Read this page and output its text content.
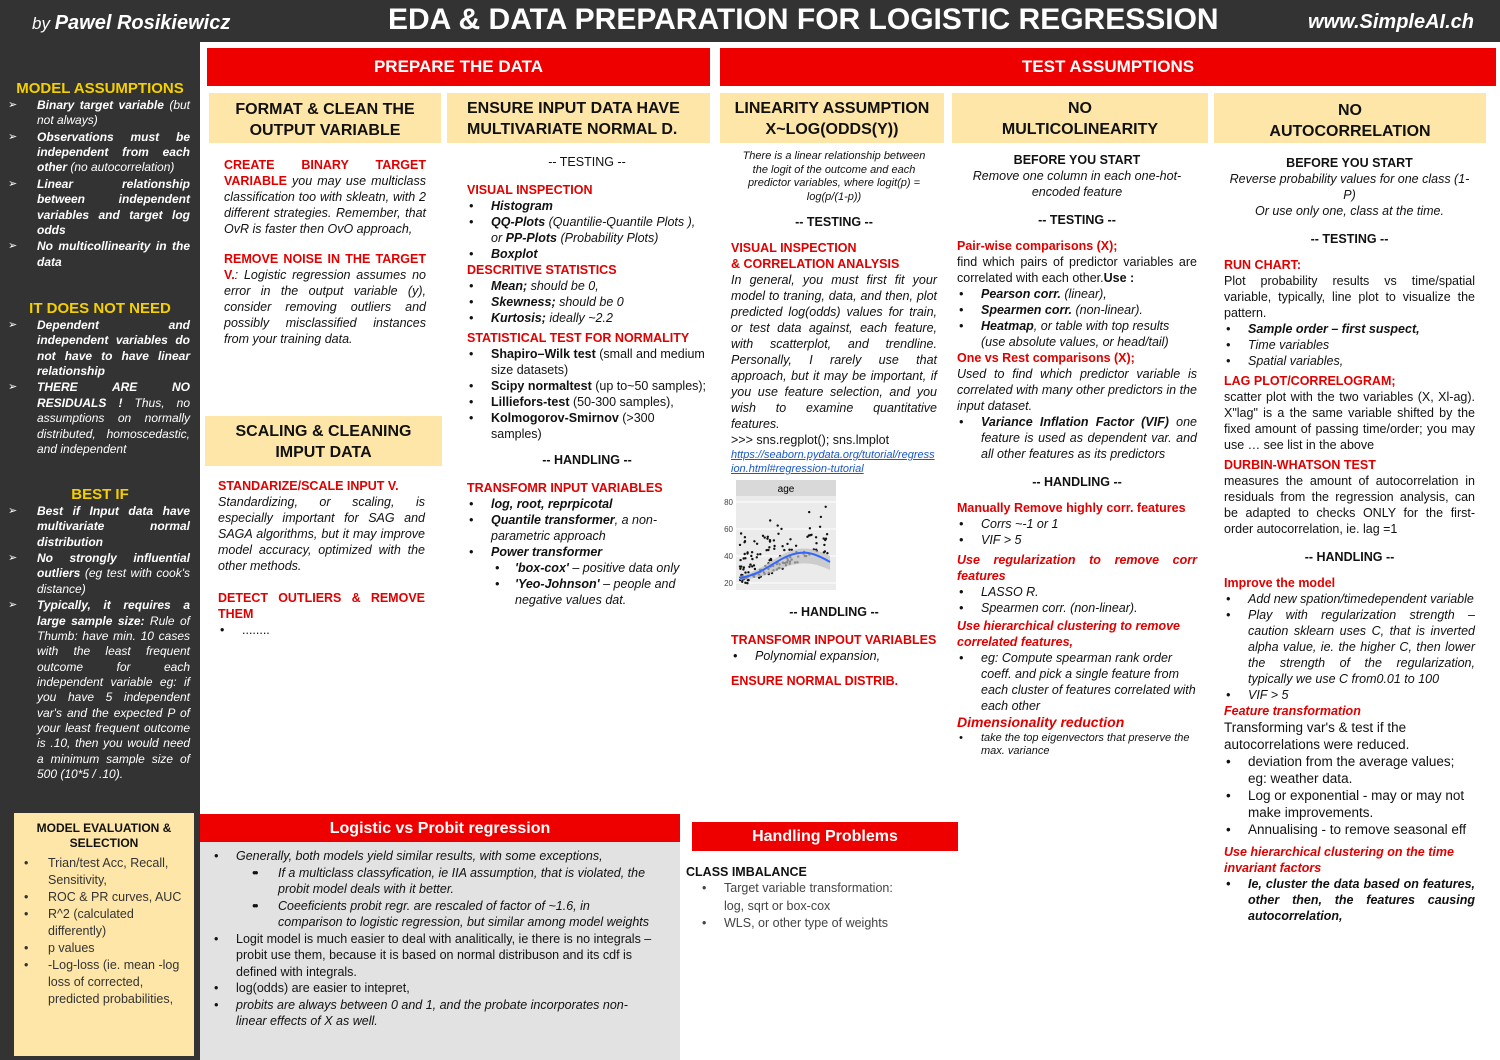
by Pawel Rosikiewicz	EDA & DATA PREPARATION FOR LOGISTIC REGRESSION	www.SimpleAI.ch
MODEL ASSUMPTIONS
➢ Binary target variable (but not always)
➢ Observations must be independent from each other (no autocorrelation)
➢ Linear relationship between independent variables and target log odds
➢ No multicollinearity in the data
IT DOES NOT NEED
➢ Dependent and independent variables do not have to have linear relationship
➢ THERE ARE NO RESIDUALS ! Thus, no assumptions on normally distributed, homoscedastic, and independent
BEST IF
➢ Best if Input data have multivariate normal distribution
➢ No strongly influential outliers (eg test with cook's distance)
➢ Typically, it requires a large sample size: Rule of Thumb: have min. 10 cases with the least frequent outcome for each independent variable eg: if you have 5 independent var's and the expected P of your least frequent outcome is .10, then you would need a minimum sample size of 500 (10*5 / .10).
MODEL EVALUATION & SELECTION
• Trian/test Acc, Recall, Sensitivity,
• ROC & PR curves, AUC
• R^2 (calculated differently)
• p values
• -Log-loss (ie. mean -log loss of corrected, predicted probabilities,
PREPARE THE DATA	TEST ASSUMPTIONS
FORMAT & CLEAN THE OUTPUT VARIABLE

CREATE BINARY TARGET VARIABLE you may use multiclass classification too with skleatn, with 2 different strategies. Remember, that OvR is faster then OvO approach,

REMOVE NOISE IN THE TARGET V.: Logistic regression assumes no error in the output variable (y), consider removing outliers and possibly misclassified instances from your training data.

SCALING & CLEANING IMPUT DATA

STANDARIZE/SCALE INPUT V.

Standardizing, or scaling, is especially important for SAG and SAGA algorithms, but it may improve model accuracy, optimized with the other methods.

DETECT OUTLIERS & REMOVE THEM

• ........
ENSURE INPUT DATA HAVE MULTIVARIATE NORMAL D.

-- TESTING --

VISUAL INSPECTION

• Histogram
• QQ-Plots (Quantilie-Quantile Plots ), or PP-Plots (Probability Plots)
• Boxplot

DESCRITIVE STATISTICS

• Mean; should be 0,
• Skewness; should be 0
• Kurtosis; ideally ~2.2

STATISTICAL TEST FOR NORMALITY

• Shapiro–Wilk test (small and medium size datasets)
• Scipy normaltest (up to~50 samples);
• Lilliefors-test (50-300 samples),
• Kolmogorov-Smirnov (>300 samples)

-- HANDLING --

TRANSFOMR INPUT VARIABLES

• log, root, reprpicotal
• Quantile transformer, a non-parametric approach
• Power transformer
• 'box-cox' – positive data only
• 'Yeo-Johnson' – people and negative values dat.
LINEARITY ASSUMPTION X~LOG(ODDS(Y))

There is a linear relationship between the logit of the outcome and each predictor variables, where logit(p) = log(p/(1-p))

-- TESTING --

VISUAL INSPECTION
& CORRELATION ANALYSIS

In general, you must first fit your model to traning, data, and then, plot predicted log(odds) values for train, or test data against, each feature, with scatterplot, and trendline. Personally, I rarely use that approach, but it may be important, if you use feature selection, and you wish to examine quantitative features.

>>> sns.regplot(); sns.lmplot

https://seaborn.pydata.org/tutorial/regression.html#regression-tutorial

age
80
60
40
20

-- HANDLING --

TRANSFOMR INPOUT VARIABLES

• Polynomial expansion,

ENSURE NORMAL DISTRIB.

NO
MULTICOLINEARITY

BEFORE YOU START

Remove one column in each one-hot-encoded feature

-- TESTING --

Pair-wise comparisons (X);

find which pairs of predictor variables are correlated with each other.Use :

• Pearson corr. (linear),
• Spearmen corr. (non-linear).
• Heatmap, or table with top results (use absolute values, or head/tail)

One vs Rest comparisons (X);

Used to find which predictor variable is correlated with many other predictors in the input dataset.

• Variance Inflation Factor (VIF) one feature is used as dependent var. and all other features as its predictors

-- HANDLING --

Manually Remove highly corr. features

• Corrs ~-1 or 1
• VIF > 5

Use regularization to remove corr features

• LASSO R.
• Spearmen corr. (non-linear).

Use hierarchical clustering to remove correlated features,

• eg: Compute spearman rank order coeff. and pick a single feature from each cluster of features correlated with each other

Dimensionality reduction

• take the top eigenvectors that preserve the max. variance
NO
AUTOCORRELATION

BEFORE YOU START

Reverse probability values for one class (1-P)
Or use only one, class at the time.

-- TESTING --

RUN CHART:

Plot probability results vs time/spatial variable, typically, line plot to visualize the pattern.

• Sample order – first suspect,
• Time variables
• Spatial variables,

LAG PLOT/CORRELOGRAM;

scatter plot with the two variables (X, Xl-ag). X"lag" is a the same variable shifted by the fixed amount of passing time/order; you may use … see list in the above

DURBIN-WHATSON TEST

measures the amount of autocorrelation in residuals from the regression analysis, can be adapted to checks ONLY for the first-order autocorrelation, ie. lag =1

-- HANDLING --

Improve the model

• Add new spation/timedependent variable
• Play with regularization strength – caution sklearn uses C, that is inverted alpha value, ie. the higher C, then lower the strength of the regularization, typically we use C from0.01 to 100
• VIF > 5

Feature transformation

Transforming var's & test if the autocorrelations were reduced.

• deviation from the average values; eg: weather data.
• Log or exponential - may or may not make improvements.
• Annualising - to remove seasonal eff

Use hierarchical clustering on the time invariant factors

• Ie, cluster the data based on features, other then, the features causing autocorrelation,
Logistic vs Probit regression
• Generally, both models yield similar results, with some exceptions,
• • If a multiclass classyfication, ie IIA assumption, that is violated, the probit model deals with it better.
• • Coeeficients probit regr. are rescaled of factor of ~1.6, in comparison to logistic regression, but similar among model weights
• Logit model is much easier to deal with analitically, ie there is no integrals – probit use them, because it is based on normal distribuson and its cdf is defined with integrals.
• log(odds) are easier to intepret,
• probits are always between 0 and 1, and the probate incorporates non-linear effects of X as well.
Handling Problems

CLASS IMBALANCE

• Target variable transformation: log, sqrt or box-cox
• WLS, or other type of weights
